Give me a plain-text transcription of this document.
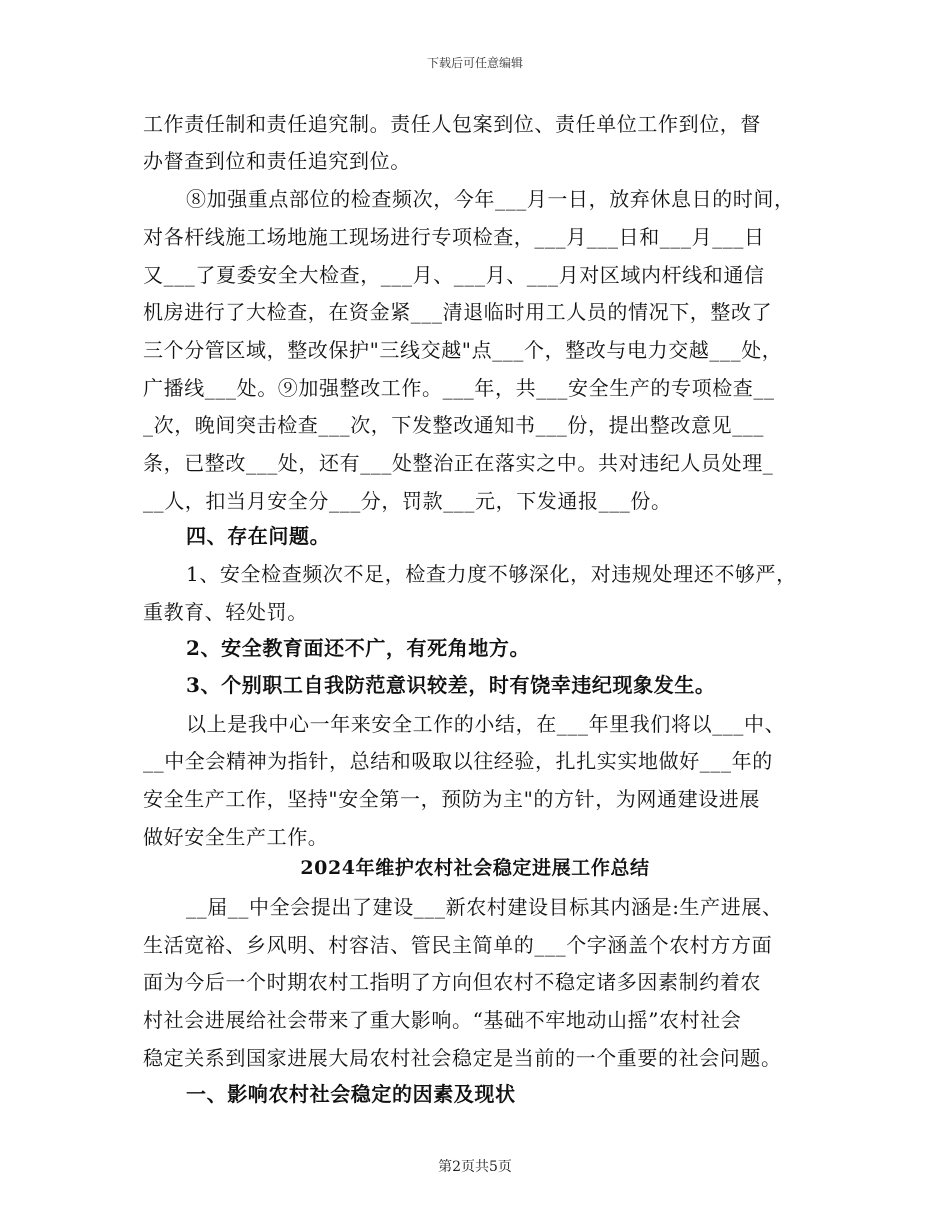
下载后可任意编辑
工作责任制和责任追究制。责任人包案到位、责任单位工作到位，督
办督查到位和责任追究到位。
⑧加强重点部位的检查频次，今年___月一日，放弃休息日的时间，
对各杆线施工场地施工现场进行专项检查，___月___日和___月___日
又___了夏委安全大检查，___月、___月、___月对区域内杆线和通信
机房进行了大检查，在资金紧___清退临时用工人员的情况下，整改了
三个分管区域，整改保护"三线交越"点___个，整改与电力交越___处，
广播线___处。⑨加强整改工作。___年，共___安全生产的专项检查__
_次，晚间突击检查___次，下发整改通知书___份，提出整改意见___
条，已整改___处，还有___处整治正在落实之中。共对违纪人员处理_
__人，扣当月安全分___分，罚款___元，下发通报___份。
四、存在问题。
1、安全检查频次不足，检查力度不够深化，对违规处理还不够严，
重教育、轻处罚。
2、安全教育面还不广，有死角地方。
3、个别职工自我防范意识较差，时有饶幸违纪现象发生。
以上是我中心一年来安全工作的小结，在___年里我们将以___中、
__中全会精神为指针，总结和吸取以往经验，扎扎实实地做好___年的
安全生产工作，坚持"安全第一，预防为主"的方针，为网通建设进展
做好安全生产工作。
2024年维护农村社会稳定进展工作总结
__届__中全会提出了建设___新农村建设目标其内涵是:生产进展、
生活宽裕、乡风明、村容洁、管民主简单的___个字涵盖个农村方方面
面为今后一个时期农村工指明了方向但农村不稳定诸多因素制约着农
村社会进展给社会带来了重大影响。“基础不牢地动山摇”农村社会
稳定关系到国家进展大局农村社会稳定是当前的一个重要的社会问题。
一、影响农村社会稳定的因素及现状
第2页共5页
